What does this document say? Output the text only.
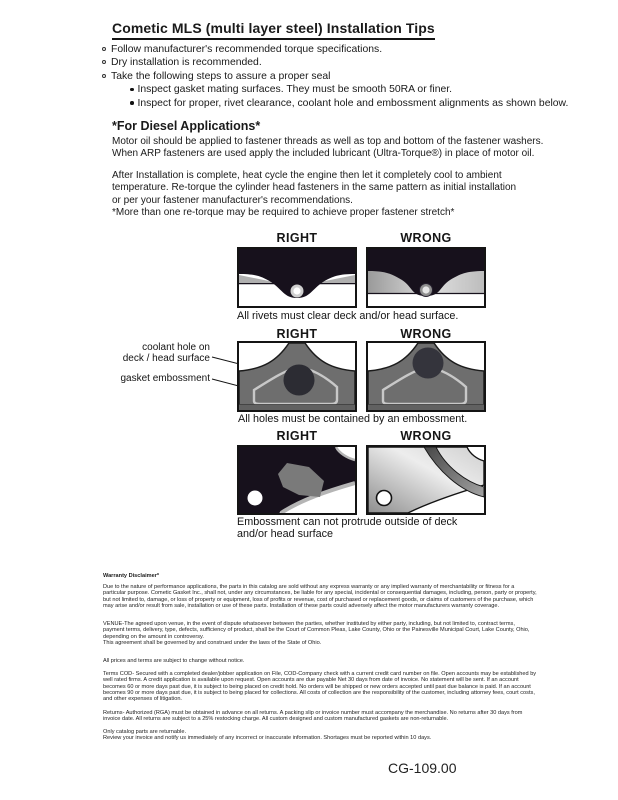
Cometic MLS (multi layer steel) Installation Tips
Follow manufacturer's recommended torque specifications.
Dry installation is recommended.
Take the following steps to assure a proper seal
Inspect gasket mating surfaces. They must be smooth 50RA or finer.
Inspect for proper, rivet clearance, coolant hole and embossment alignments as shown below.
*For Diesel Applications*
Motor oil should be applied to fastener threads as well as top and bottom of the fastener washers.
When ARP fasteners are used apply the included lubricant (Ultra-Torque®) in place of motor oil.
After Installation is complete, heat cycle the engine then let it completely cool to ambient
temperature. Re-torque the cylinder head fasteners in the same pattern as initial installation
or per your fastener manufacturer's recommendations.
*More than one re-torque may be required to achieve proper fastener stretch*
RIGHT	WRONG
All rivets must clear deck and/or head surface.
RIGHT	WRONG
coolant hole on
deck / head surface
gasket embossment
All holes must be contained by an embossment.
RIGHT	WRONG
Embossment can not protrude outside of deck and/or head surface
Warranty Disclaimer*
Due to the nature of performance applications, the parts in this catalog are sold without any express warranty or any implied warranty of merchantability or fitness for a particular purpose. Cometic Gasket Inc., shall not, under any circumstances, be liable for any special, incidental or consequential damages, including, person, party or property, but not limited to, damage, or loss of property or equipment, loss of profits or revenue, cost of purchased or replacement goods, or claims of customers of the purchase, which may arise and/or result from sale, installation or use of these parts. Installation of these parts could adversely affect the motor manufacturers warranty coverage.
VENUE-The agreed upon venue, in the event of dispute whatsoever between the parties, whether instituted by either party, including, but not limited to, contract terms, payment terms, delivery, type, defects, sufficiency of product, shall be the Court of Common Pleas, Lake County, Ohio or the Painesville Municipal Court, Lake County, Ohio, depending on the amount in controversy.
This agreement shall be governed by and construed under the laws of the State of Ohio.
All prices and terms are subject to change without notice.
Terms COD- Secured with a completed dealer/jobber application on File, COD-Company check with a current credit card number on file. Open accounts may be established by well rated firms. A credit application is available upon request. Open accounts are due payable Net 30 days from date of invoice. No statement will be sent. If an account becomes 60 or more days past due, it is subject to being placed on credit hold. No orders will be shipped or new orders accepted until past due balance is paid. If an account becomes 90 or more days past due, it is subject to being placed for collections. All costs of collection are the responsibility of the customer, including attorney fees, court costs, and other expenses of litigation.
Returns- Authorized (RGA) must be obtained in advance on all returns. A packing slip or invoice number must accompany the merchandise. No returns after 30 days from invoice date. All returns are subject to a 25% restocking charge. All custom designed and custom manufactured gaskets are non-returnable.
Only catalog parts are returnable.
Review your invoice and notify us immediately of any incorrect or inaccurate information. Shortages must be reported within 10 days.
CG-109.00
